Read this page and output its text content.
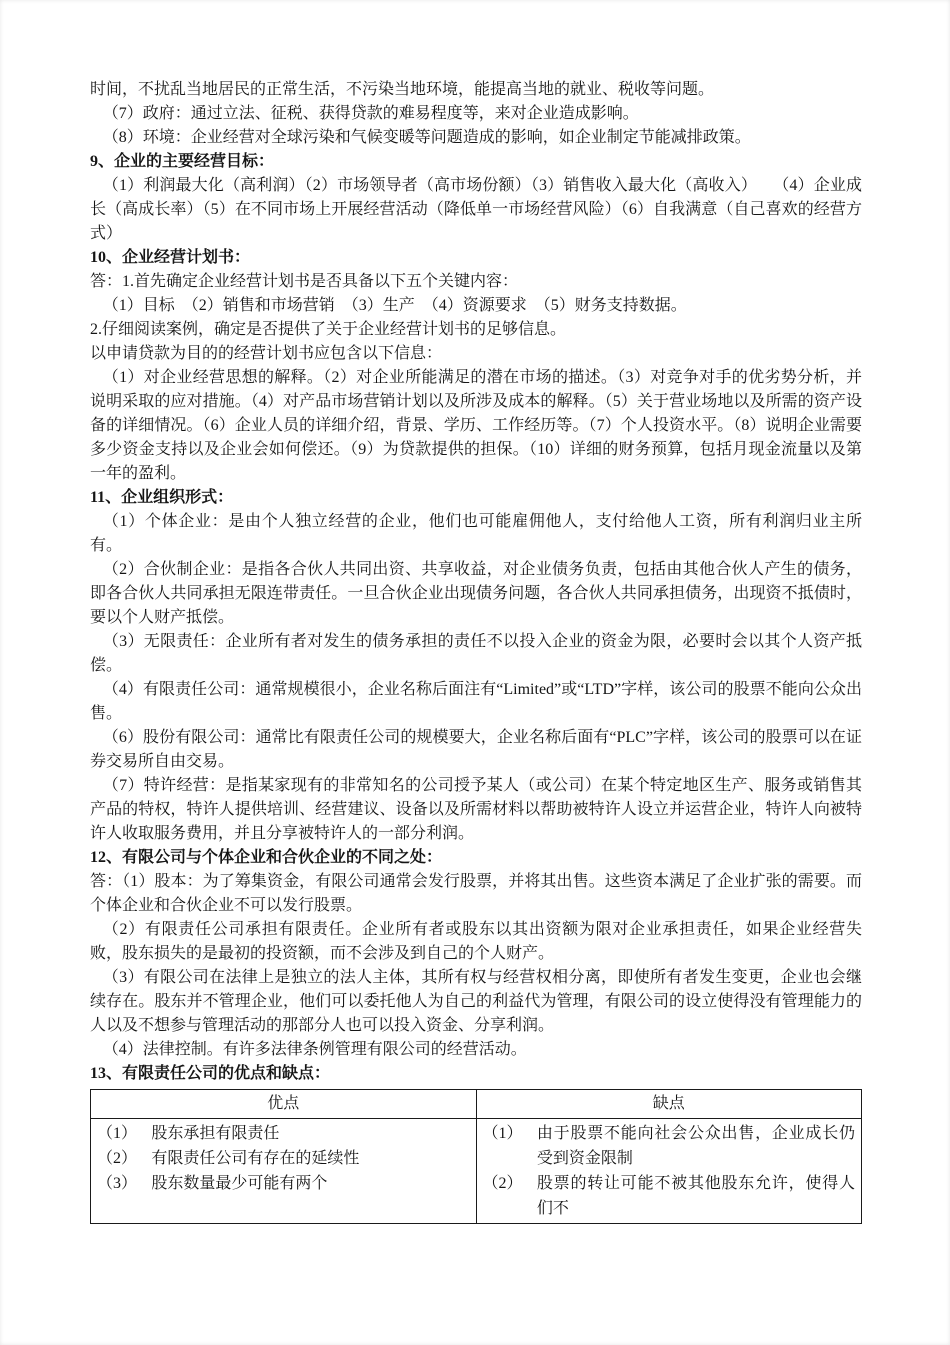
时间，不扰乱当地居民的正常生活，不污染当地环境，能提高当地的就业、税收等问题。
（7）政府：通过立法、征税、获得贷款的难易程度等，来对企业造成影响。
（8）环境：企业经营对全球污染和气候变暖等问题造成的影响，如企业制定节能减排政策。
9、企业的主要经营目标：
（1）利润最大化（高利润）（2）市场领导者（高市场份额）（3）销售收入最大化（高收入）　　（4）企业成长（高成长率）（5）在不同市场上开展经营活动（降低单一市场经营风险）（6）自我满意（自己喜欢的经营方式）
10、企业经营计划书：
答：1.首先确定企业经营计划书是否具备以下五个关键内容：
（1）目标　（2）销售和市场营销　（3）生产　（4）资源要求　（5）财务支持数据。
2.仔细阅读案例，确定是否提供了关于企业经营计划书的足够信息。
以申请贷款为目的的经营计划书应包含以下信息：
（1）对企业经营思想的解释。（2）对企业所能满足的潜在市场的描述。（3）对竞争对手的优劣势分析，并说明采取的应对措施。（4）对产品市场营销计划以及所涉及成本的解释。（5）关于营业场地以及所需的资产设备的详细情况。（6）企业人员的详细介绍，背景、学历、工作经历等。（7）个人投资水平。（8）说明企业需要多少资金支持以及企业会如何偿还。（9）为贷款提供的担保。（10）详细的财务预算，包括月现金流量以及第一年的盈利。
11、企业组织形式：
（1）个体企业：是由个人独立经营的企业，他们也可能雇佣他人，支付给他人工资，所有利润归业主所有。
（2）合伙制企业：是指各合伙人共同出资、共享收益，对企业债务负责，包括由其他合伙人产生的债务，即各合伙人共同承担无限连带责任。一旦合伙企业出现债务问题，各合伙人共同承担债务，出现资不抵债时，要以个人财产抵偿。
（3）无限责任：企业所有者对发生的债务承担的责任不以投入企业的资金为限，必要时会以其个人资产抵偿。
（4）有限责任公司：通常规模很小，企业名称后面注有“Limited”或“LTD”字样，该公司的股票不能向公众出售。
（6）股份有限公司：通常比有限责任公司的规模要大，企业名称后面有“PLC”字样，该公司的股票可以在证券交易所自由交易。
（7）特许经营：是指某家现有的非常知名的公司授予某人（或公司）在某个特定地区生产、服务或销售其产品的特权，特许人提供培训、经营建议、设备以及所需材料以帮助被特许人设立并运营企业，特许人向被特许人收取服务费用，并且分享被特许人的一部分利润。
12、有限公司与个体企业和合伙企业的不同之处：
答：（1）股本：为了筹集资金，有限公司通常会发行股票，并将其出售。这些资本满足了企业扩张的需要。而个体企业和合伙企业不可以发行股票。
（2）有限责任公司承担有限责任。企业所有者或股东以其出资额为限对企业承担责任，如果企业经营失败，股东损失的是最初的投资额，而不会涉及到自己的个人财产。
（3）有限公司在法律上是独立的法人主体，其所有权与经营权相分离，即使所有者发生变更，企业也会继续存在。股东并不管理企业，他们可以委托他人为自己的利益代为管理，有限公司的设立使得没有管理能力的人以及不想参与管理活动的那部分人也可以投入资金、分享利润。
（4）法律控制。有许多法律条例管理有限公司的经营活动。
13、有限责任公司的优点和缺点：
优点	缺点

（1） 股东承担有限责任
（2） 有限责任公司有存在的延续性
（3） 股东数量最少可能有两个

（1） 由于股票不能向社会公众出售，企业成长仍受到资金限制
（2） 股票的转让可能不被其他股东允许，使得人们不
